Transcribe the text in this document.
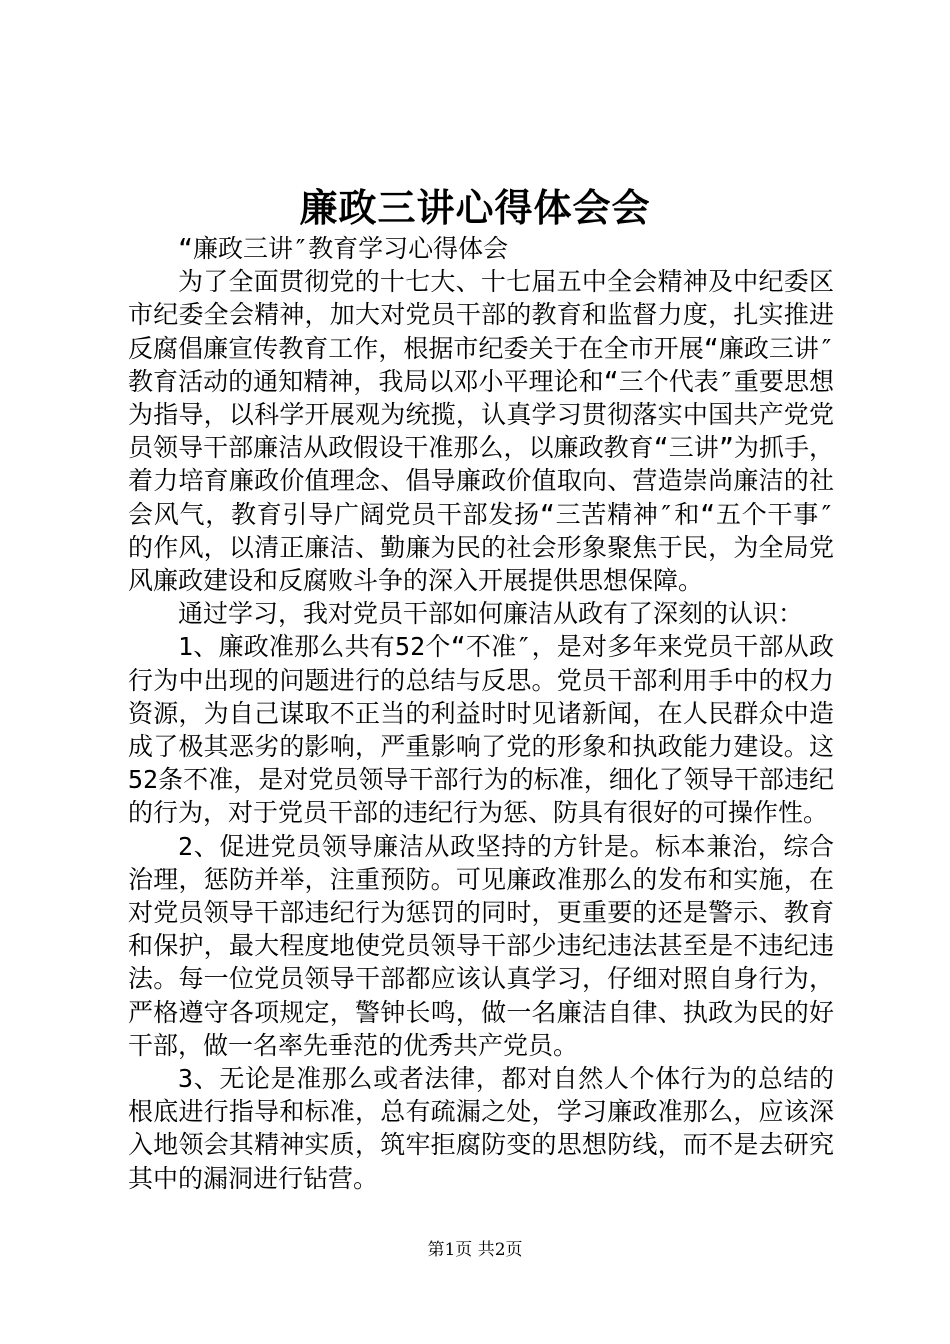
廉政三讲心得体会会

“廉政三讲″教育学习心得体会

为了全面贯彻党的十七大、十七届五中全会精神及中纪委区市纪委全会精神，加大对党员干部的教育和监督力度，扎实推进反腐倡廉宣传教育工作，根据市纪委关于在全市开展“廉政三讲″教育活动的通知精神，我局以邓小平理论和“三个代表″重要思想为指导，以科学开展观为统揽，认真学习贯彻落实中国共产党党员领导干部廉洁从政假设干准那么，以廉政教育“三讲”为抓手，着力培育廉政价值理念、倡导廉政价值取向、营造崇尚廉洁的社会风气，教育引导广阔党员干部发扬“三苦精神″和“五个干事″的作风，以清正廉洁、勤廉为民的社会形象聚焦于民，为全局党风廉政建设和反腐败斗争的深入开展提供思想保障。

通过学习，我对党员干部如何廉洁从政有了深刻的认识：

1、廉政准那么共有52个“不准″，是对多年来党员干部从政行为中出现的问题进行的总结与反思。党员干部利用手中的权力资源，为自己谋取不正当的利益时时见诸新闻，在人民群众中造成了极其恶劣的影响，严重影响了党的形象和执政能力建设。这52条不准，是对党员领导干部行为的标准，细化了领导干部违纪的行为，对于党员干部的违纪行为惩、防具有很好的可操作性。

2、促进党员领导廉洁从政坚持的方针是。标本兼治，综合治理，惩防并举，注重预防。可见廉政准那么的发布和实施，在对党员领导干部违纪行为惩罚的同时，更重要的还是警示、教育和保护，最大程度地使党员领导干部少违纪违法甚至是不违纪违法。每一位党员领导干部都应该认真学习，仔细对照自身行为，严格遵守各项规定，警钟长鸣，做一名廉洁自律、执政为民的好干部，做一名率先垂范的优秀共产党员。

3、无论是准那么或者法律，都对自然人个体行为的总结的根底进行指导和标准，总有疏漏之处，学习廉政准那么，应该深入地领会其精神实质，筑牢拒腐防变的思想防线，而不是去研究其中的漏洞进行钻营。

第1页 共2页
